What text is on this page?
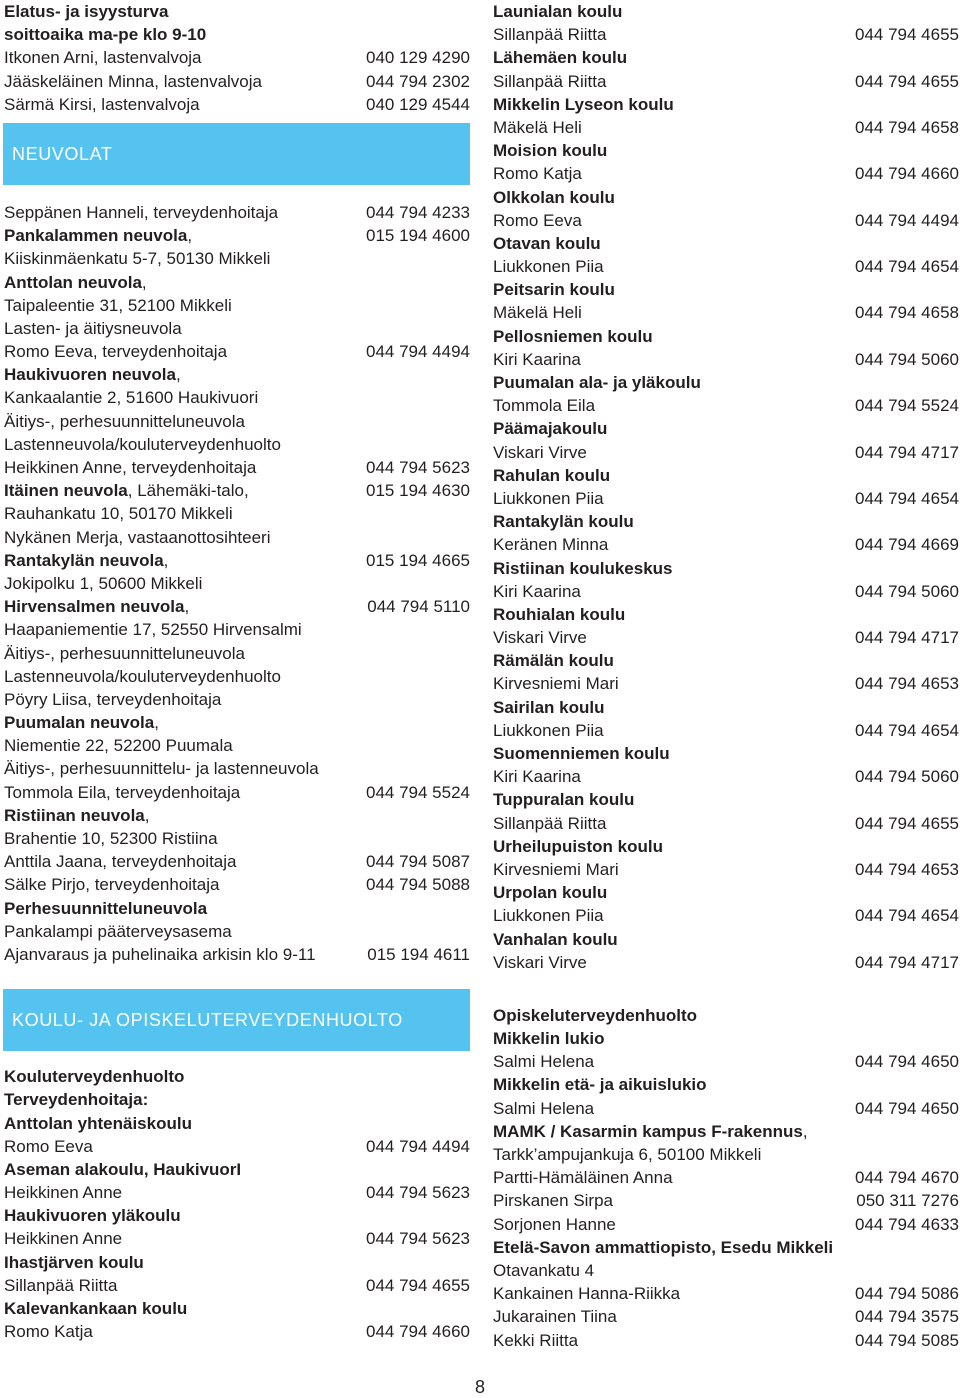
Elatus- ja isyysturva
soittoaika ma-pe klo 9-10
Itkonen Arni, lastenvalvoja	040 129 4290
Jääskeläinen Minna, lastenvalvoja	044 794 2302
Särmä Kirsi, lastenvalvoja	040 129 4544
NEUVOLAT
Seppänen Hanneli, terveydenhoitaja	044 794 4233
Pankalammen neuvola,	015 194 4600
Kiiskinmäenkatu 5-7, 50130 Mikkeli
Anttolan neuvola,
Taipaleentie 31, 52100 Mikkeli
Lasten- ja äitiysneuvola
Romo Eeva, terveydenhoitaja	044 794 4494
Haukivuoren neuvola,
Kankaalantie 2, 51600 Haukivuori
Äitiys-, perhesuunnitteluneuvola
Lastenneuvola/kouluterveydenhuolto
Heikkinen Anne, terveydenhoitaja	044 794 5623
Itäinen neuvola, Lähemäki-talo,	015 194 4630
Rauhankatu 10, 50170 Mikkeli
Nykänen Merja, vastaanottosihteeri
Rantakylän neuvola,	015 194 4665
Jokipolku 1, 50600 Mikkeli
Hirvensalmen neuvola,	044 794 5110
Haapaniementie 17, 52550 Hirvensalmi
Äitiys-, perhesuunnitteluneuvola
Lastenneuvola/kouluterveydenhuolto
Pöyry Liisa, terveydenhoitaja
Puumalan neuvola,
Niementie 22, 52200 Puumala
Äitiys-, perhesuunnittelu- ja lastenneuvola
Tommola Eila, terveydenhoitaja	044 794 5524
Ristiinan neuvola,
Brahentie 10, 52300 Ristiina
Anttila Jaana, terveydenhoitaja	044 794 5087
Sälke Pirjo, terveydenhoitaja	044 794 5088
Perhesuunnitteluneuvola
Pankalampi pääterveysasema
Ajanvaraus ja puhelinaika arkisin klo 9-11	015 194 4611
KOULU- JA OPISKELUTERVEYDENHUOLTO
Kouluterveydenhuolto
Terveydenhoitaja:
Anttolan yhtenäiskoulu
Romo Eeva	044 794 4494
Aseman alakoulu, HaukivuorI
Heikkinen Anne	044 794 5623
Haukivuoren yläkoulu
Heikkinen Anne	044 794 5623
Ihastjärven koulu
Sillanpää Riitta	044 794 4655
Kalevankankaan koulu
Romo Katja	044 794 4660
Launialan koulu
Sillanpää Riitta	044 794 4655
Lähemäen koulu
Sillanpää Riitta	044 794 4655
Mikkelin Lyseon koulu
Mäkelä Heli	044 794 4658
Moision koulu
Romo Katja	044 794 4660
Olkkolan koulu
Romo Eeva	044 794 4494
Otavan koulu
Liukkonen Piia	044 794 4654
Peitsarin koulu
Mäkelä Heli	044 794 4658
Pellosniemen koulu
Kiri Kaarina	044 794 5060
Puumalan ala- ja yläkoulu
Tommola Eila	044 794 5524
Päämajakoulu
Viskari Virve	044 794 4717
Rahulan koulu
Liukkonen Piia	044 794 4654
Rantakylän koulu
Keränen Minna	044 794 4669
Ristiinan koulukeskus
Kiri Kaarina	044 794 5060
Rouhialan koulu
Viskari Virve	044 794 4717
Rämälän koulu
Kirvesniemi Mari	044 794 4653
Sairilan koulu
Liukkonen Piia	044 794 4654
Suomenniemen koulu
Kiri Kaarina	044 794 5060
Tuppuralan koulu
Sillanpää Riitta	044 794 4655
Urheilupuiston koulu
Kirvesniemi Mari	044 794 4653
Urpolan koulu
Liukkonen Piia	044 794 4654
Vanhalan koulu
Viskari Virve	044 794 4717
Opiskeluterveydenhuolto
Mikkelin lukio
Salmi Helena	044 794 4650
Mikkelin etä- ja aikuislukio
Salmi Helena	044 794 4650
MAMK / Kasarmin kampus F-rakennus,
Tarkk’ampujankuja 6, 50100 Mikkeli
Partti-Hämäläinen Anna	044 794 4670
Pirskanen Sirpa	050 311 7276
Sorjonen Hanne	044 794 4633
Etelä-Savon ammattiopisto, Esedu Mikkeli
Otavankatu 4
Kankainen Hanna-Riikka	044 794 5086
Jukarainen Tiina	044 794 3575
Kekki Riitta	044 794 5085
8
